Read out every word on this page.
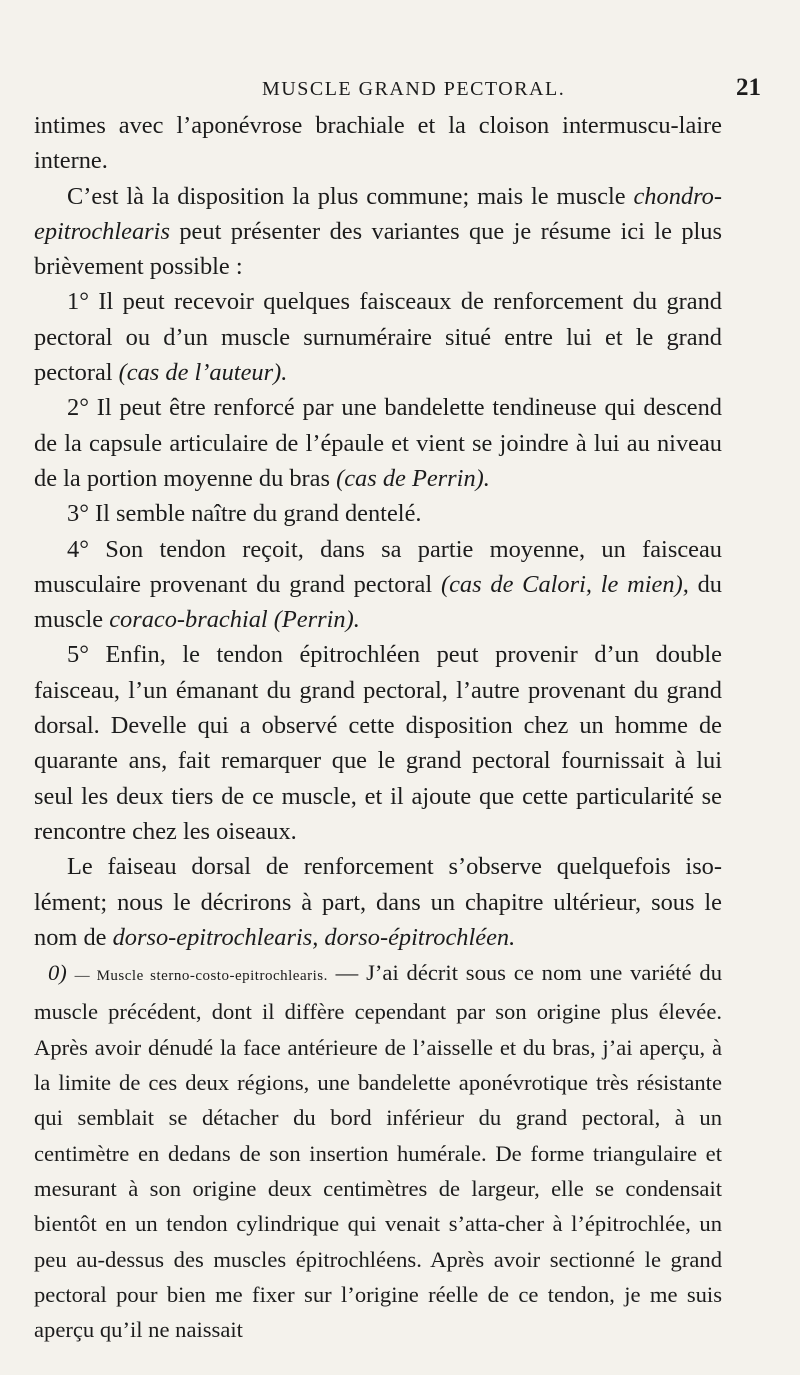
MUSCLE GRAND PECTORAL.	21

intimes avec l’aponévrose brachiale et la cloison intermuscu-laire interne.

C’est là la disposition la plus commune; mais le muscle chondro-epitrochlearis peut présenter des variantes que je résume ici le plus brièvement possible :

1° Il peut recevoir quelques faisceaux de renforcement du grand pectoral ou d’un muscle surnuméraire situé entre lui et le grand pectoral (cas de l’auteur).

2° Il peut être renforcé par une bandelette tendineuse qui descend de la capsule articulaire de l’épaule et vient se joindre à lui au niveau de la portion moyenne du bras (cas de Perrin).

3° Il semble naître du grand dentelé.

4° Son tendon reçoit, dans sa partie moyenne, un faisceau musculaire provenant du grand pectoral (cas de Calori, le mien), du muscle coraco-brachial (Perrin).

5° Enfin, le tendon épitrochléen peut provenir d’un double faisceau, l’un émanant du grand pectoral, l’autre provenant du grand dorsal. Develle qui a observé cette disposition chez un homme de quarante ans, fait remarquer que le grand pectoral fournissait à lui seul les deux tiers de ce muscle, et il ajoute que cette particularité se rencontre chez les oiseaux.

Le faiseau dorsal de renforcement s’observe quelquefois iso-lément; nous le décrirons à part, dans un chapitre ultérieur, sous le nom de dorso-epitrochlearis, dorso-épitrochléen.

0) — Muscle sterno-costo-epitrochlearis. — J’ai décrit sous ce nom une variété du muscle précédent, dont il diffère cependant par son origine plus élevée. Après avoir dénudé la face antérieure de l’aisselle et du bras, j’ai aperçu, à la limite de ces deux régions, une bandelette aponévrotique très résistante qui semblait se détacher du bord inférieur du grand pectoral, à un centimètre en dedans de son insertion humérale. De forme triangulaire et mesurant à son origine deux centimètres de largeur, elle se condensait bientôt en un tendon cylindrique qui venait s’atta-cher à l’épitrochlée, un peu au-dessus des muscles épitrochléens. Après avoir sectionné le grand pectoral pour bien me fixer sur l’origine réelle de ce tendon, je me suis aperçu qu’il ne naissait
